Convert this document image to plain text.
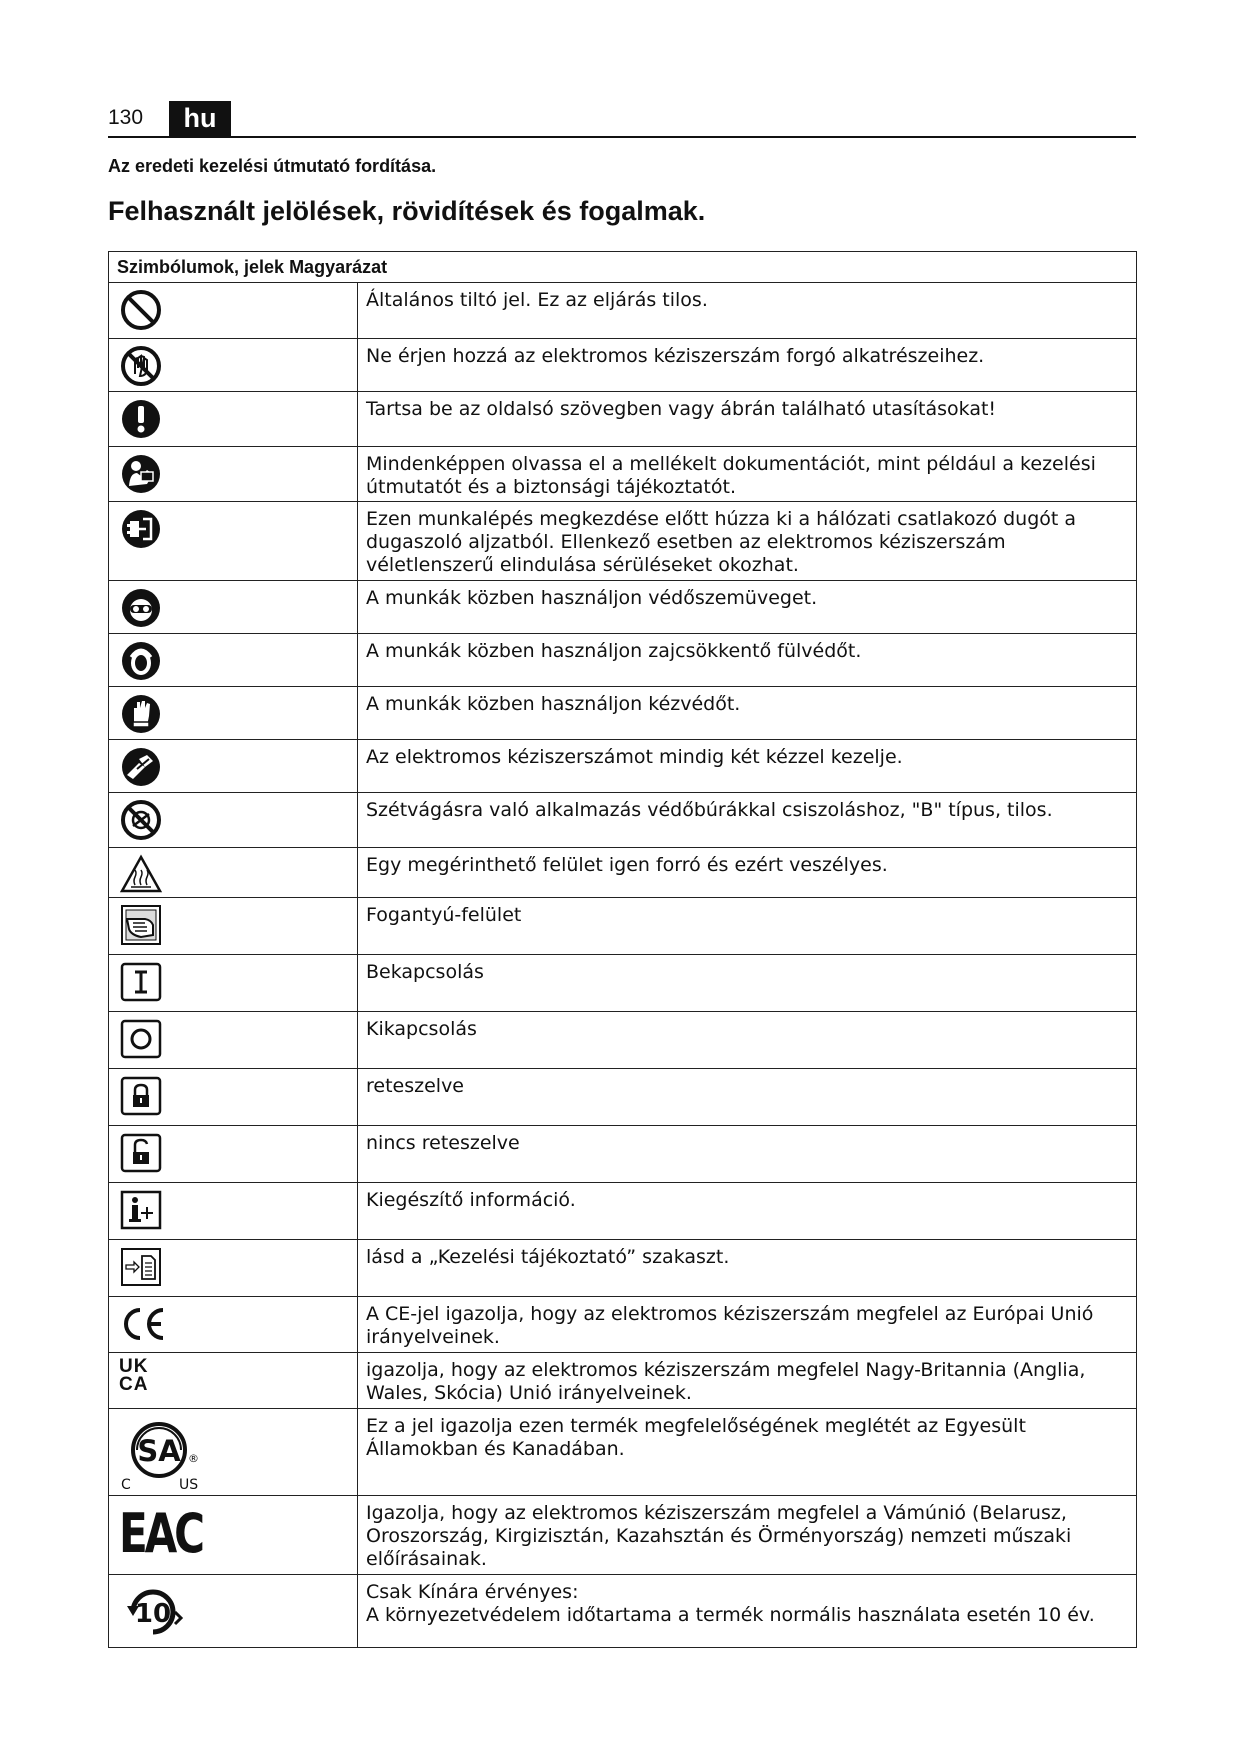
130	hu
Az eredeti kezelési útmutató fordítása.
Felhasznált jelölések, rövidítések és fogalmak.
Szimbólumok, jelek Magyarázat	

	Általános tiltó jel. Ez az eljárás tilos.

	Ne érjen hozzá az elektromos kéziszerszám forgó alkatrészeihez.

	Tartsa be az oldalsó szövegben vagy ábrán található utasításokat!

	Mindenképpen olvassa el a mellékelt dokumentációt, mint például a kezelési útmutatót és a biztonsági tájékoztatót.

	Ezen munkalépés megkezdése előtt húzza ki a hálózati csatlakozó dugót a dugaszoló aljzatból. Ellenkező esetben az elektromos kéziszerszám véletlenszerű elindulása sérüléseket okozhat.

	A munkák közben használjon védőszemüveget.

	A munkák közben használjon zajcsökkentő fülvédőt.

	A munkák közben használjon kézvédőt.

	Az elektromos kéziszerszámot mindig két kézzel kezelje.

	Szétvágásra való alkalmazás védőbúrákkal csiszoláshoz, "B" típus, tilos.

	Egy megérinthető felület igen forró és ezért veszélyes.

	Fogantyú-felület

	Bekapcsolás

	Kikapcsolás

	reteszelve

	nincs reteszelve

	Kiegészítő információ.

	lásd a „Kezelési tájékoztató” szakaszt.

	A CE-jel igazolja, hogy az elektromos kéziszerszám megfelel az Európai Unió irányelveinek.

UK
CA	igazolja, hogy az elektromos kéziszerszám megfelel Nagy-Britannia (Anglia, Wales, Skócia) Unió irányelveinek.

SA ®
C US	Ez a jel igazolja ezen termék megfelelőségének meglétét az Egyesült Államokban és Kanadában.

EAC	Igazolja, hogy az elektromos kéziszerszám megfelel a Vámúnió (Belarusz, Oroszország, Kirgizisztán, Kazahsztán és Örményország) nemzeti műszaki előírásainak.

10	Csak Kínára érvényes:
A környezetvédelem időtartama a termék normális használata esetén 10 év.
